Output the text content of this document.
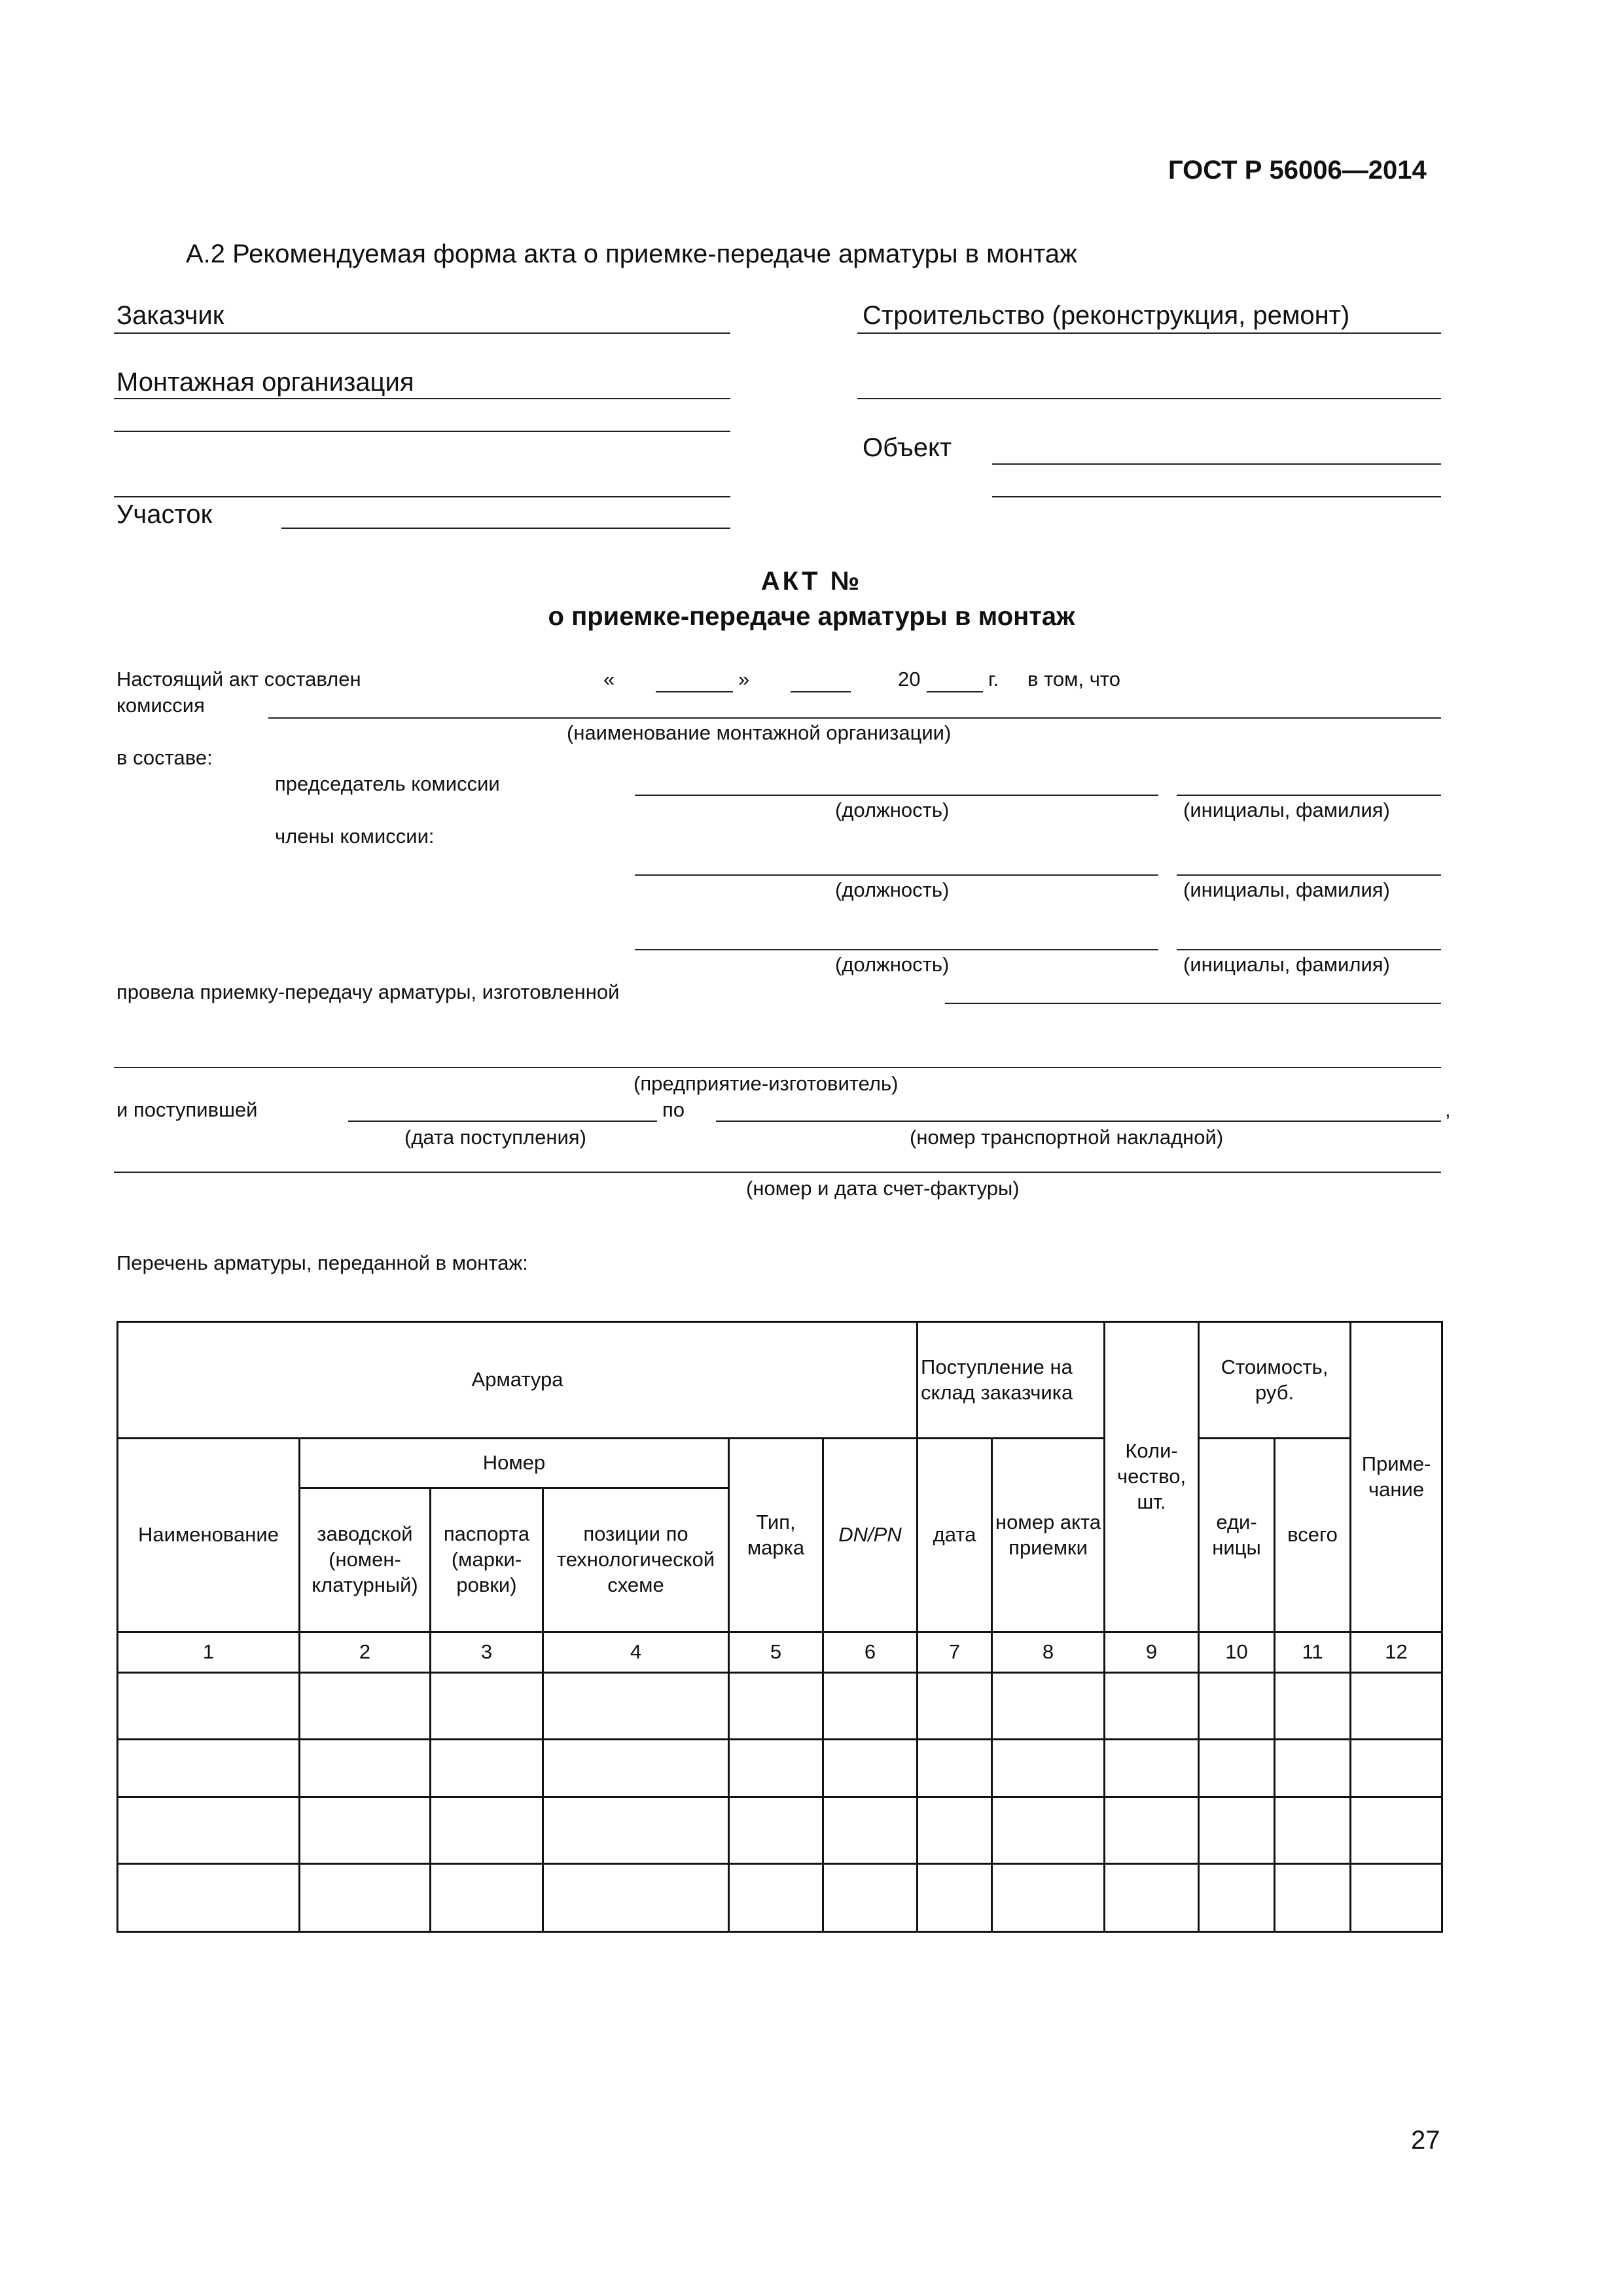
ГОСТ Р 56006—2014
А.2 Рекомендуемая форма акта о приемке-передаче арматуры в монтаж
Заказчик	Строительство (реконструкция, ремонт)
Монтажная организация
Объект
Участок
АКТ №
о приемке-передаче арматуры в монтаж
Настоящий акт составлен	«	»	20	г. в том, что
комиссия
(наименование монтажной организации)
в составе:
председатель комиссии
(должность)	(инициалы, фамилия)
члены комиссии:
(должность)	(инициалы, фамилия)
(должность)	(инициалы, фамилия)
провела приемку-передачу арматуры, изготовленной
(предприятие-изготовитель)
и поступившей	по	,
(дата поступления)	(номер транспортной накладной)
(номер и дата счет-фактуры)
Перечень арматуры, переданной в монтаж:
Арматура						Поступление на склад заказчика		Коли-чество, шт.	Стоимость, руб.		Приме-чание
Наименование	Номер			Тип, марка	DN/PN	дата	номер акта приемки		еди-ницы	всего	
	заводской (номен-клатурный)	паспорта (марки-ровки)	позиции по технологической схеме								
1	2	3	4	5	6	7	8	9	10	11	12

27
